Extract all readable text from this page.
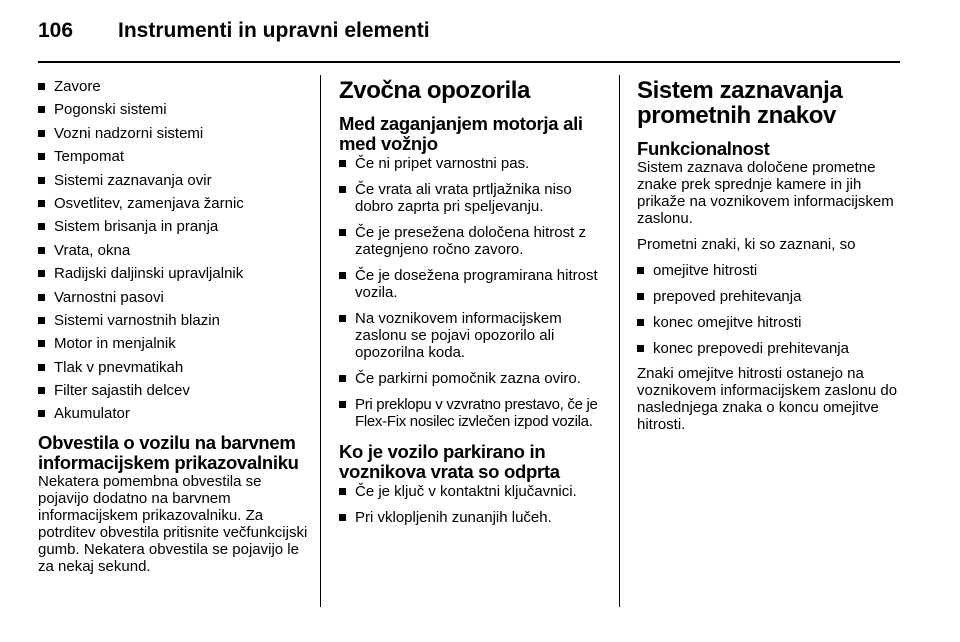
106	Instrumenti in upravni elementi
Zavore
Pogonski sistemi
Vozni nadzorni sistemi
Tempomat
Sistemi zaznavanja ovir
Osvetlitev, zamenjava žarnic
Sistem brisanja in pranja
Vrata, okna
Radijski daljinski upravljalnik
Varnostni pasovi
Sistemi varnostnih blazin
Motor in menjalnik
Tlak v pnevmatikah
Filter sajastih delcev
Akumulator
Obvestila o vozilu na barvnem informacijskem prikazovalniku

Nekatera pomembna obvestila se pojavijo dodatno na barvnem informacijskem prikazovalniku. Za potrditev obvestila pritisnite večfunkcijski gumb. Nekatera obvestila se pojavijo le za nekaj sekund.

Zvočna opozorila
Med zaganjanjem motorja ali med vožnjo
Če ni pripet varnostni pas.
Če vrata ali vrata prtljažnika niso dobro zaprta pri speljevanju.
Če je presežena določena hitrost z zategnjeno ročno zavoro.
Če je dosežena programirana hitrost vozila.
Na voznikovem informacijskem zaslonu se pojavi opozorilo ali opozorilna koda.
Če parkirni pomočnik zazna oviro.
Pri preklopu v vzvratno prestavo, če je Flex-Fix nosilec izvlečen izpod vozila.
Ko je vozilo parkirano in voznikova vrata so odprta
Če je ključ v kontaktni ključavnici.
Pri vklopljenih zunanjih lučeh.
Sistem zaznavanja prometnih znakov
Funkcionalnost

Sistem zaznava določene prometne znake prek sprednje kamere in jih prikaže na voznikovem informacijskem zaslonu.

Prometni znaki, ki so zaznani, so

omejitve hitrosti
prepoved prehitevanja
konec omejitve hitrosti
konec prepovedi prehitevanja

Znaki omejitve hitrosti ostanejo na voznikovem informacijskem zaslonu do naslednjega znaka o koncu omejitve hitrosti.
